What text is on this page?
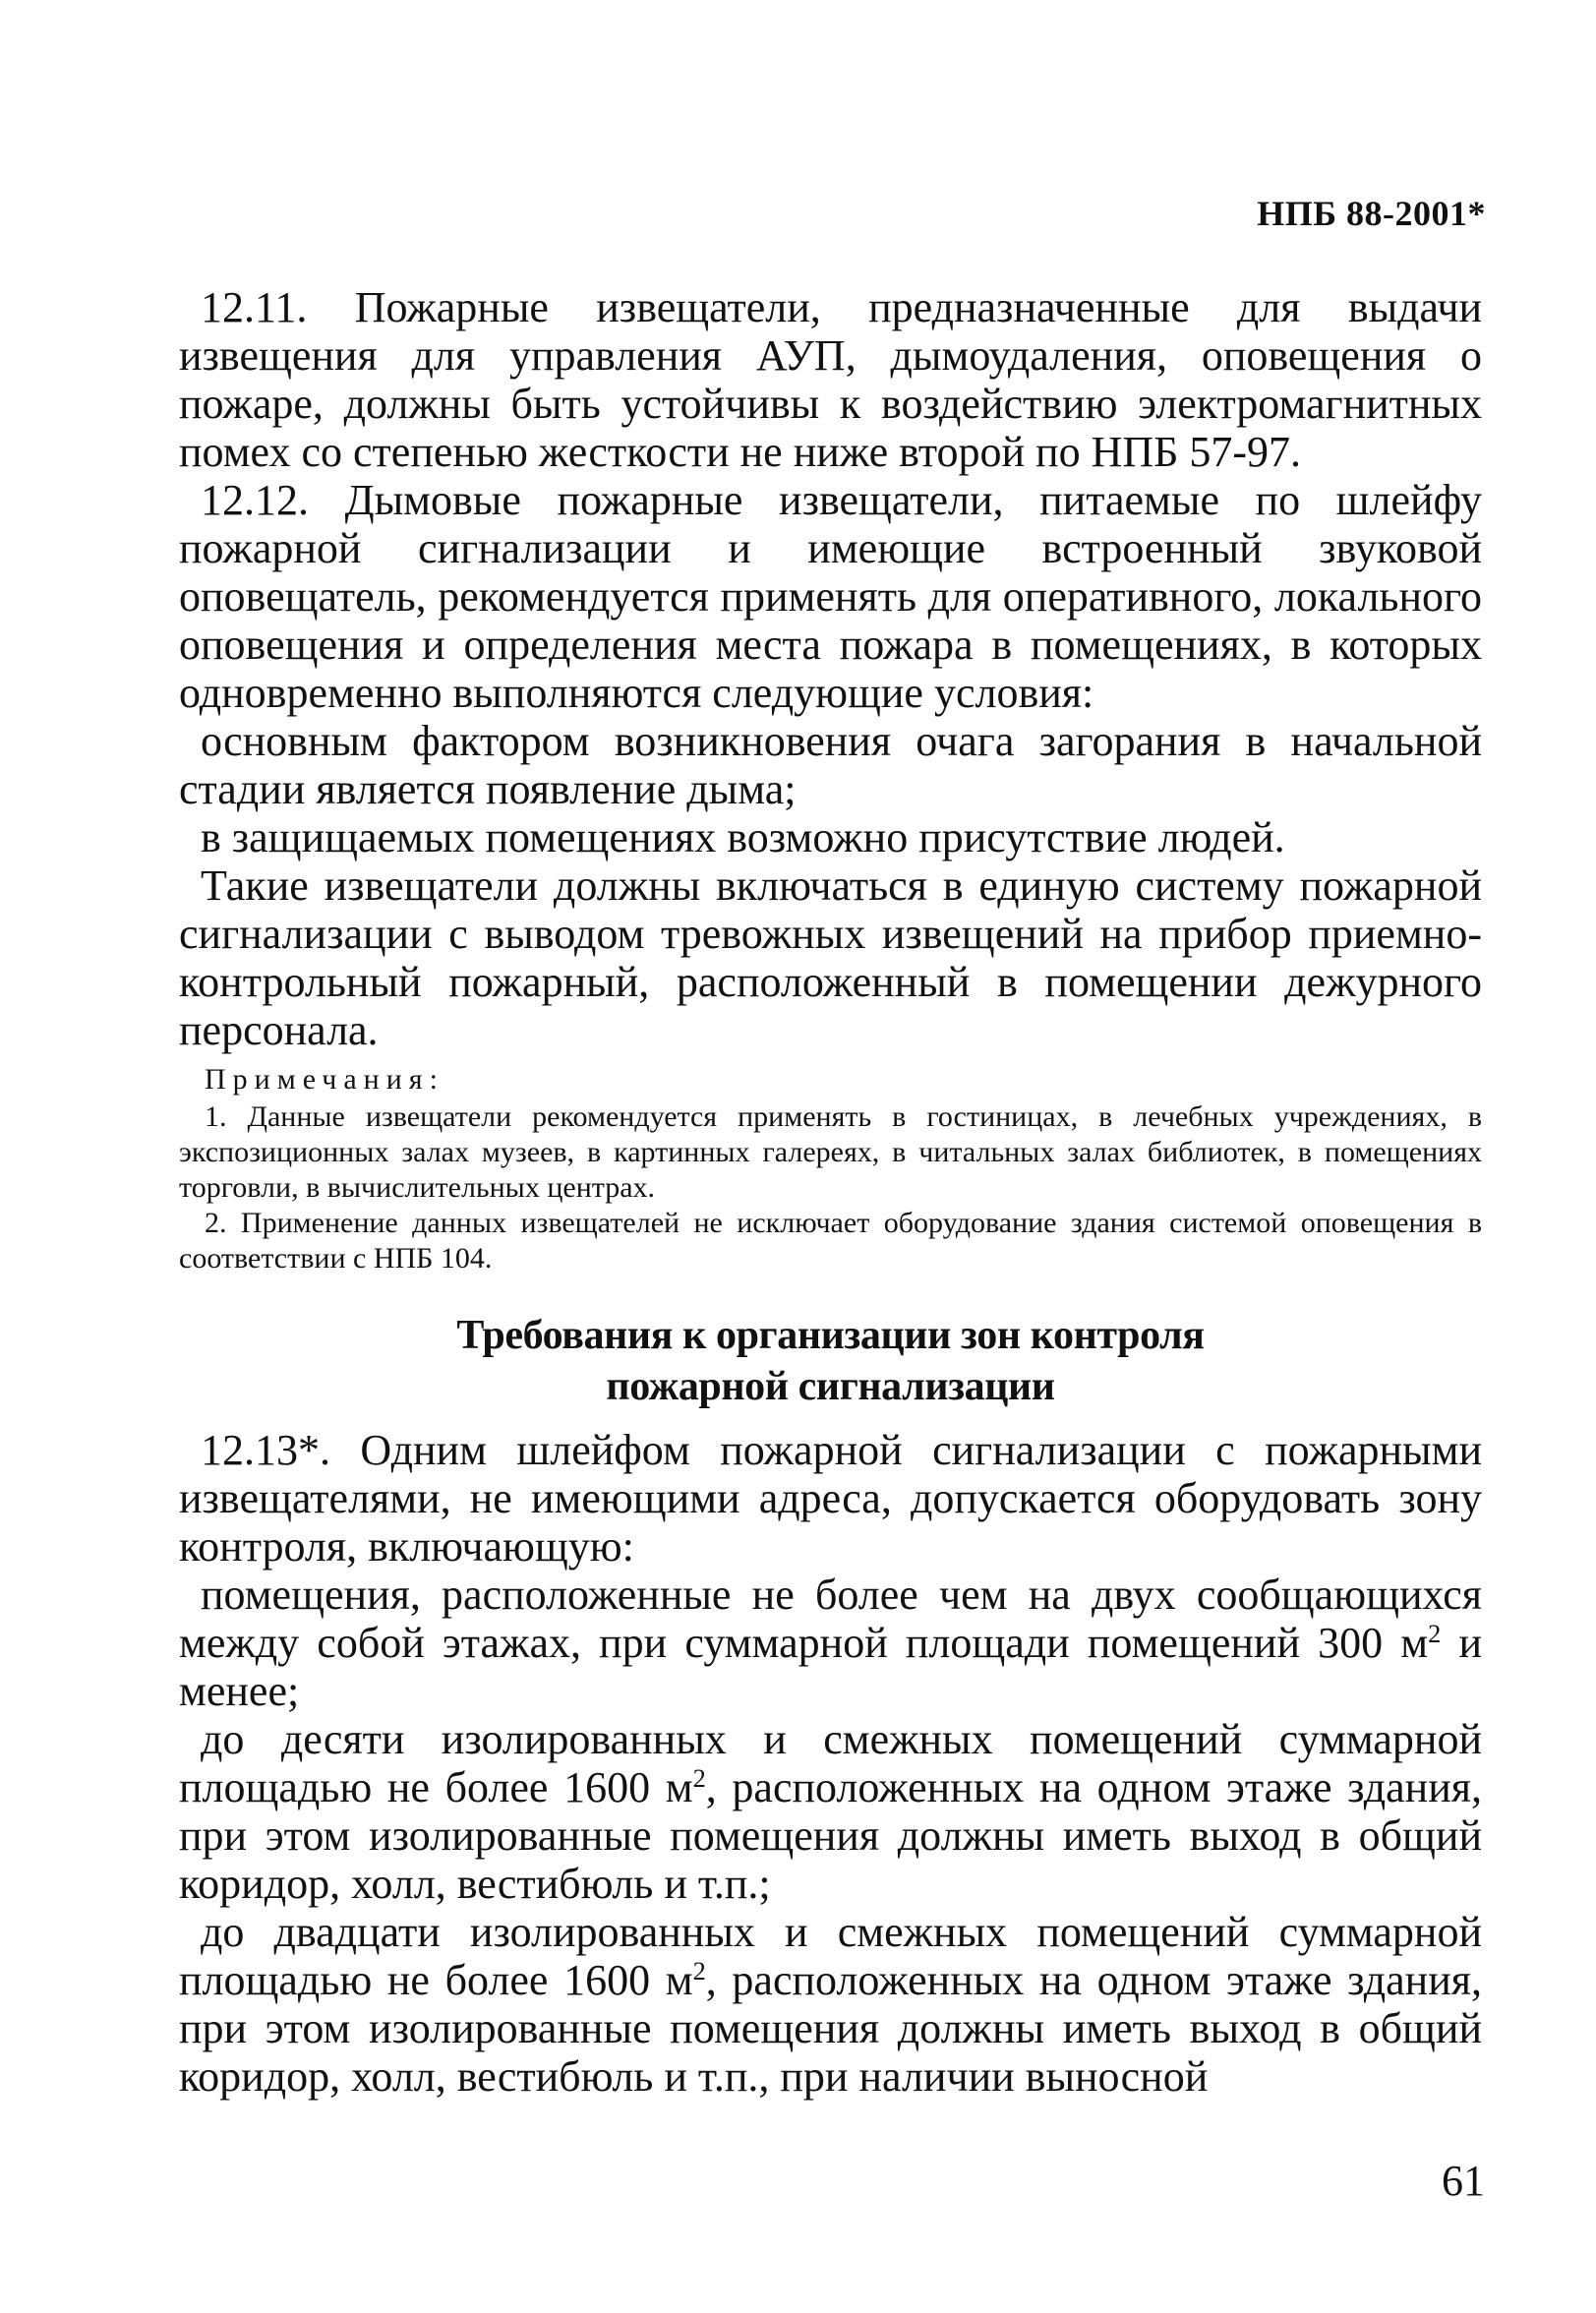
НПБ 88-2001*

12.11. Пожарные извещатели, предназначенные для выдачи извещения для управления АУП, дымоудаления, оповещения о пожаре, должны быть устойчивы к воздействию электромагнитных помех со степенью жесткости не ниже второй по НПБ 57-97.

12.12. Дымовые пожарные извещатели, питаемые по шлейфу пожарной сигнализации и имеющие встроенный звуковой оповещатель, рекомендуется применять для оперативного, локального оповещения и определения места пожара в помещениях, в которых одновременно выполняются следующие условия:

основным фактором возникновения очага загорания в начальной стадии является появление дыма;

в защищаемых помещениях возможно присутствие людей.

Такие извещатели должны включаться в единую систему пожарной сигнализации с выводом тревожных извещений на прибор приемно-контрольный пожарный, расположенный в помещении дежурного персонала.

Примечания:

1. Данные извещатели рекомендуется применять в гостиницах, в лечебных учреждениях, в экспозиционных залах музеев, в картинных галереях, в читальных залах библиотек, в помещениях торговли, в вычислительных центрах.

2. Применение данных извещателей не исключает оборудование здания системой оповещения в соответствии с НПБ 104.

Требования к организации зон контроля
пожарной сигнализации

12.13*. Одним шлейфом пожарной сигнализации с пожарными извещателями, не имеющими адреса, допускается оборудовать зону контроля, включающую:

помещения, расположенные не более чем на двух сообщающихся между собой этажах, при суммарной площади помещений 300 $м^2$ и менее;

до десяти изолированных и смежных помещений суммарной площадью не более 1600 $м^2$, расположенных на одном этаже здания, при этом изолированные помещения должны иметь выход в общий коридор, холл, вестибюль и т.п.;

до двадцати изолированных и смежных помещений суммарной площадью не более 1600 $м^2$, расположенных на одном этаже здания, при этом изолированные помещения должны иметь выход в общий коридор, холл, вестибюль и т.п., при наличии выносной

61
